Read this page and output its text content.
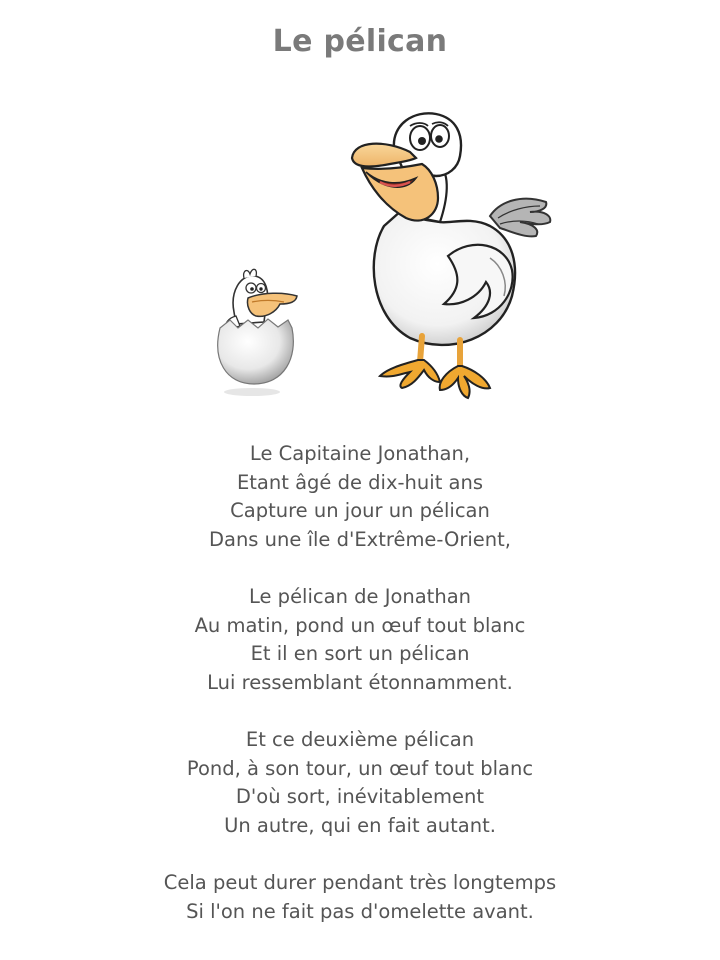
Le pélican
Le Capitaine Jonathan,
Etant âgé de dix-huit ans
Capture un jour un pélican
Dans une île d'Extrême-Orient,
Le pélican de Jonathan
Au matin, pond un œuf tout blanc
Et il en sort un pélican
Lui ressemblant étonnamment.
Et ce deuxième pélican
Pond, à son tour, un œuf tout blanc
D'où sort, inévitablement
Un autre, qui en fait autant.
Cela peut durer pendant très longtemps
Si l'on ne fait pas d'omelette avant.
